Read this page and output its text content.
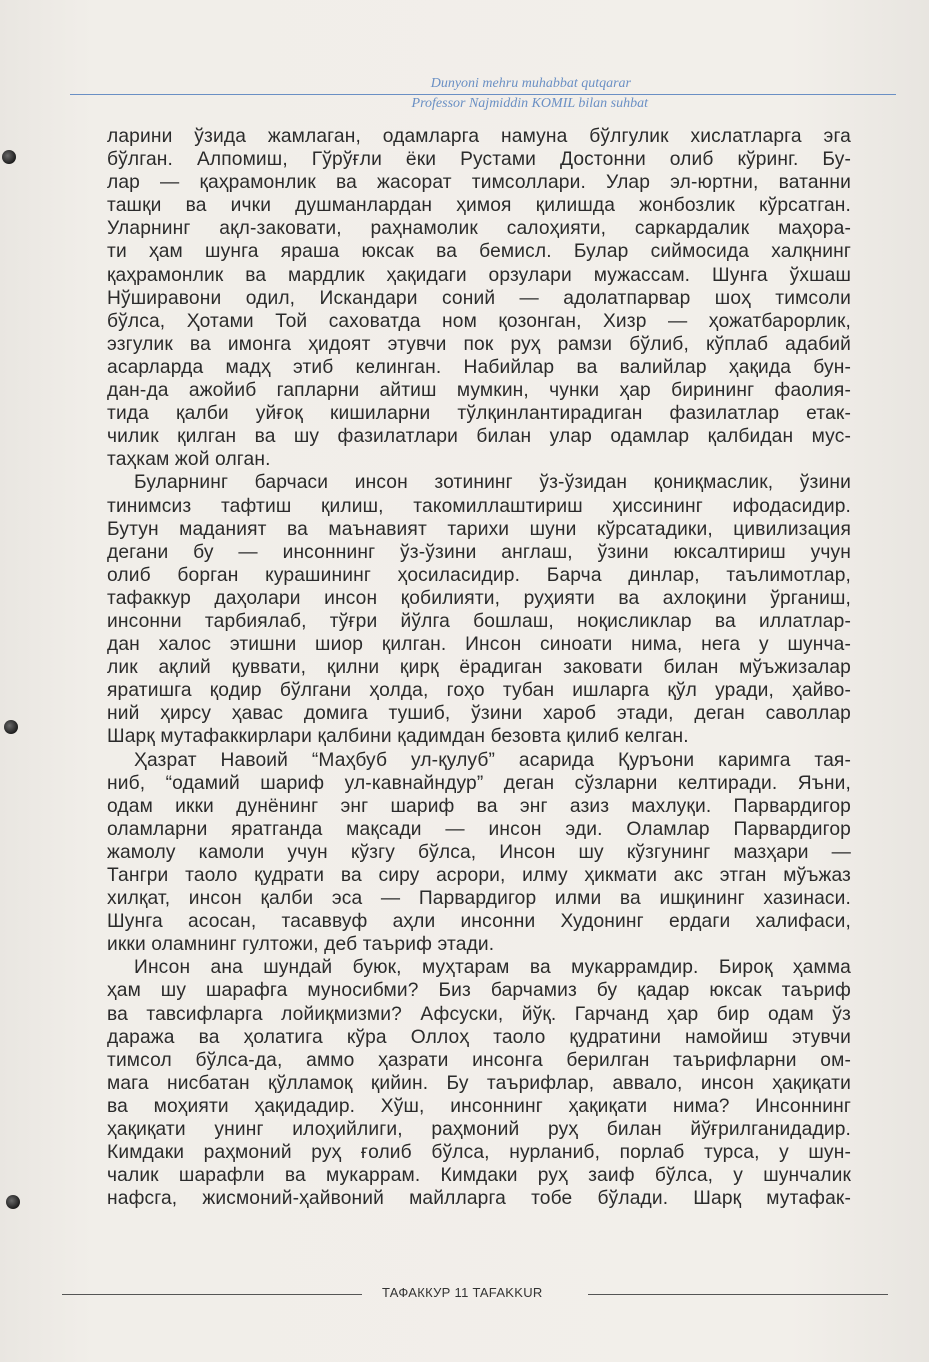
Dunyoni mehru muhabbat qutqarar
Professor Najmiddin KOMIL bilan suhbat
ларини ўзида жамлаган, одамларга намуна бўлгулик хислатларга эга
бўлган. Алпомиш, Гўрўғли ёки Рустами Достонни олиб кўринг. Бу-
лар — қаҳрамонлик ва жасорат тимсоллари. Улар эл-юртни, ватанни
ташқи ва ички душманлардан ҳимоя қилишда жонбозлик кўрсатган.
Уларнинг ақл-заковати, раҳнамолик салоҳияти, саркардалик маҳора-
ти ҳам шунга яраша юксак ва бемисл. Булар сиймосида халқнинг
қаҳрамонлик ва мардлик ҳақидаги орзулари мужассам. Шунга ўхшаш
Нўширавони одил, Искандари соний — адолатпарвар шоҳ тимсоли
бўлса, Ҳотами Той саховатда ном қозонган, Хизр — ҳожатбарорлик,
эзгулик ва имонга ҳидоят этувчи пок руҳ рамзи бўлиб, кўплаб адабий
асарларда мадҳ этиб келинган. Набийлар ва валийлар ҳақида бун-
дан-да ажойиб гапларни айтиш мумкин, чунки ҳар бирининг фаолия-
тида қалби уйғоқ кишиларни тўлқинлантирадиган фазилатлар етак-
чилик қилган ва шу фазилатлари билан улар одамлар қалбидан мус-
таҳкам жой олган.
Буларнинг барчаси инсон зотининг ўз-ўзидан қониқмаслик, ўзини
тинимсиз тафтиш қилиш, такомиллаштириш ҳиссининг ифодасидир.
Бутун маданият ва маънавият тарихи шуни кўрсатадики, цивилизация
дегани бу — инсоннинг ўз-ўзини англаш, ўзини юксалтириш учун
олиб борган курашининг ҳосиласидир. Барча динлар, таълимотлар,
тафаккур даҳолари инсон қобилияти, руҳияти ва ахлоқини ўрганиш,
инсонни тарбиялаб, тўғри йўлга бошлаш, ноқисликлар ва иллатлар-
дан халос этишни шиор қилган. Инсон синоати нима, нега у шунча-
лик ақлий қуввати, қилни қирқ ёрадиган заковати билан мўъжизалар
яратишга қодир бўлгани ҳолда, гоҳо тубан ишларга қўл уради, ҳайво-
ний ҳирсу ҳавас домига тушиб, ўзини хароб этади, деган саволлар
Шарқ мутафаккирлари қалбини қадимдан безовта қилиб келган.
Ҳазрат Навоий “Маҳбуб ул-қулуб” асарида Қуръони каримга тая-
ниб, “одамий шариф ул-кавнайндур” деган сўзларни келтиради. Яъни,
одам икки дунёнинг энг шариф ва энг азиз махлуқи. Парвардигор
оламларни яратганда мақсади — инсон эди. Оламлар Парвардигор
жамолу камоли учун кўзгу бўлса, Инсон шу кўзгунинг мазҳари —
Тангри таоло қудрати ва сиру асрори, илму ҳикмати акс этган мўъжаз
хилқат, инсон қалби эса — Парвардигор илми ва ишқининг хазинаси.
Шунга асосан, тасаввуф аҳли инсонни Худонинг ердаги халифаси,
икки оламнинг гултожи, деб таъриф этади.
Инсон ана шундай буюк, муҳтарам ва мукаррамдир. Бироқ ҳамма
ҳам шу шарафга муносибми? Биз барчамиз бу қадар юксак таъриф
ва тавсифларга лойиқмизми? Афсуски, йўқ. Гарчанд ҳар бир одам ўз
даража ва ҳолатига кўра Оллоҳ таоло қудратини намойиш этувчи
тимсол бўлса-да, аммо ҳазрати инсонга берилган таърифларни ом-
мага нисбатан қўлламоқ қийин. Бу таърифлар, аввало, инсон ҳақиқати
ва моҳияти ҳақидадир. Хўш, инсоннинг ҳақиқати нима? Инсоннинг
ҳақиқати унинг илоҳийлиги, раҳмоний руҳ билан йўғрилганидадир.
Кимдаки раҳмоний руҳ ғолиб бўлса, нурланиб, порлаб турса, у шун-
чалик шарафли ва мукаррам. Кимдаки руҳ заиф бўлса, у шунчалик
нафсга, жисмоний-ҳайвоний майлларга тобе бўлади. Шарқ мутафак-
ТАФАККУР 11 TAFAKKUR
